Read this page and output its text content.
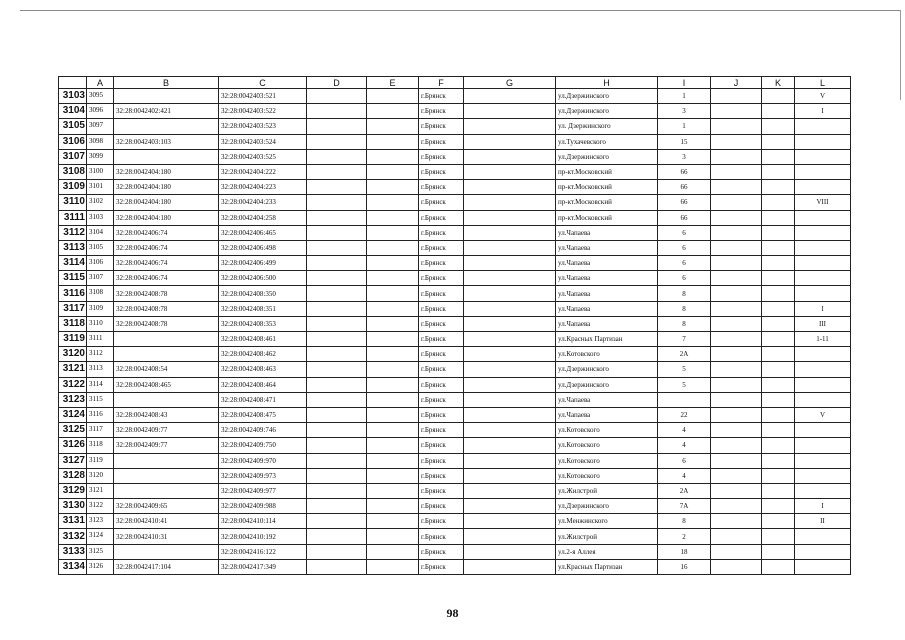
	A	B	C	D	E	F	G	H	I	J	K	L
3103	3095		32:28:0042403:521			г.Брянск		ул.Дзержинского	1			V
3104	3096	32:28:0042402:421	32:28:0042403:522			г.Брянск		ул.Дзержинского	3			I
3105	3097		32:28:0042403:523			г.Брянск		ул. Дзержинского	1			
3106	3098	32:28:0042403:103	32:28:0042403:524			г.Брянск		ул.Тухачевского	15			
3107	3099		32:28:0042403:525			г.Брянск		ул.Дзержинского	3			
3108	3100	32:28:0042404:180	32:28:0042404:222			г.Брянск		пр-кт.Московский	66			
3109	3101	32:28:0042404:180	32:28:0042404:223			г.Брянск		пр-кт.Московский	66			
3110	3102	32:28:0042404:180	32:28:0042404:233			г.Брянск		пр-кт.Московский	66			VIII
3111	3103	32:28:0042404:180	32:28:0042404:258			г.Брянск		пр-кт.Московский	66			
3112	3104	32:28:0042406:74	32:28:0042406:465			г.Брянск		ул.Чапаева	6			
3113	3105	32:28:0042406:74	32:28:0042406:498			г.Брянск		ул.Чапаева	6			
3114	3106	32:28:0042406:74	32:28:0042406:499			г.Брянск		ул.Чапаева	6			
3115	3107	32:28:0042406:74	32:28:0042406:500			г.Брянск		ул.Чапаева	6			
3116	3108	32:28:0042408:78	32:28:0042408:350			г.Брянск		ул.Чапаева	8			
3117	3109	32:28:0042408:78	32:28:0042408:351			г.Брянск		ул.Чапаева	8			I
3118	3110	32:28:0042408:78	32:28:0042408:353			г.Брянск		ул.Чапаева	8			III
3119	3111		32:28:0042408:461			г.Брянск		ул.Красных Партизан	7			1-11
3120	3112		32:28:0042408:462			г.Брянск		ул.Котовского	2А			
3121	3113	32:28:0042408:54	32:28:0042408:463			г.Брянск		ул.Дзержинского	5			
3122	3114	32:28:0042408:465	32:28:0042408:464			г.Брянск		ул.Дзержинского	5			
3123	3115		32:28:0042408:471			г.Брянск		ул.Чапаева				
3124	3116	32:28:0042408:43	32:28:0042408:475			г.Брянск		ул.Чапаева	22			V
3125	3117	32:28:0042409:77	32:28:0042409:746			г.Брянск		ул.Котовского	4			
3126	3118	32:28:0042409:77	32:28:0042409:750			г.Брянск		ул.Котовского	4			
3127	3119		32:28:0042409:970			г.Брянск		ул.Котовского	6			
3128	3120		32:28:0042409:973			г.Брянск		ул.Котовского	4			
3129	3121		32:28:0042409:977			г.Брянск		ул.Жилстрой	2А			
3130	3122	32:28:0042409:65	32:28:0042409:988			г.Брянск		ул.Дзержинского	7А			I
3131	3123	32:28:0042410:41	32:28:0042410:114			г.Брянск		ул.Менжинского	8			II
3132	3124	32:28:0042410:31	32:28:0042410:192			г.Брянск		ул.Жилстрой	2			
3133	3125		32:28:0042416:122			г.Брянск		ул.2-я Аллея	18			
3134	3126	32:28:0042417:104	32:28:0042417:349			г.Брянск		ул.Красных Партизан	16			
98
